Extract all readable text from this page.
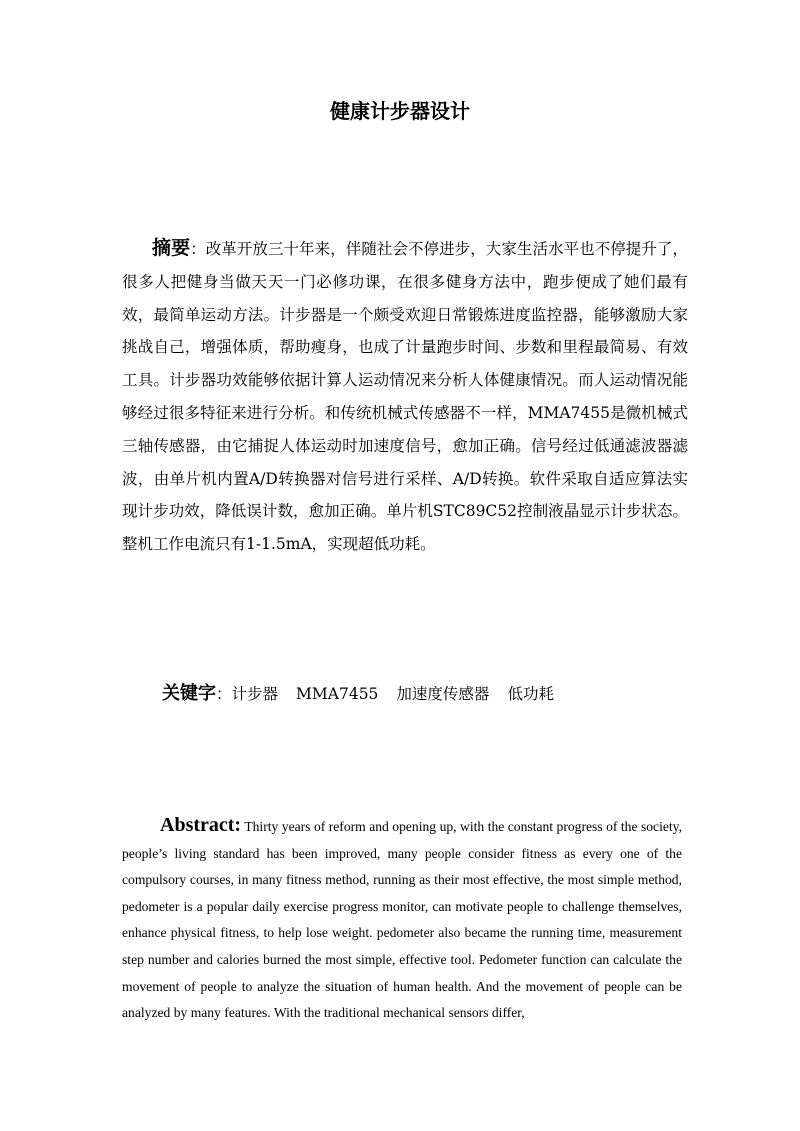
健康计步器设计
摘要：改革开放三十年来，伴随社会不停进步，大家生活水平也不停提升了，很多人把健身当做天天一门必修功课，在很多健身方法中，跑步便成了她们最有效，最简单运动方法。计步器是一个颇受欢迎日常锻炼进度监控器，能够激励大家挑战自己，增强体质，帮助瘦身，也成了计量跑步时间、步数和里程最简易、有效工具。计步器功效能够依据计算人运动情况来分析人体健康情况。而人运动情况能够经过很多特征来进行分析。和传统机械式传感器不一样，MMA7455是微机械式三轴传感器，由它捕捉人体运动时加速度信号，愈加正确。信号经过低通滤波器滤波，由单片机内置A/D转换器对信号进行采样、A/D转换。软件采取自适应算法实现计步功效，降低误计数，愈加正确。单片机STC89C52控制液晶显示计步状态。整机工作电流只有1-1.5mA，实现超低功耗。
关键字：计步器 MMA7455 加速度传感器 低功耗
Abstract: Thirty years of reform and opening up, with the constant progress of the society, people’s living standard has been improved, many people consider fitness as every one of the compulsory courses, in many fitness method, running as their most effective, the most simple method, pedometer is a popular daily exercise progress monitor, can motivate people to challenge themselves, enhance physical fitness, to help lose weight. pedometer also became the running time, measurement step number and calories burned the most simple, effective tool. Pedometer function can calculate the movement of people to analyze the situation of human health. And the movement of people can be analyzed by many features. With the traditional mechanical sensors differ,
